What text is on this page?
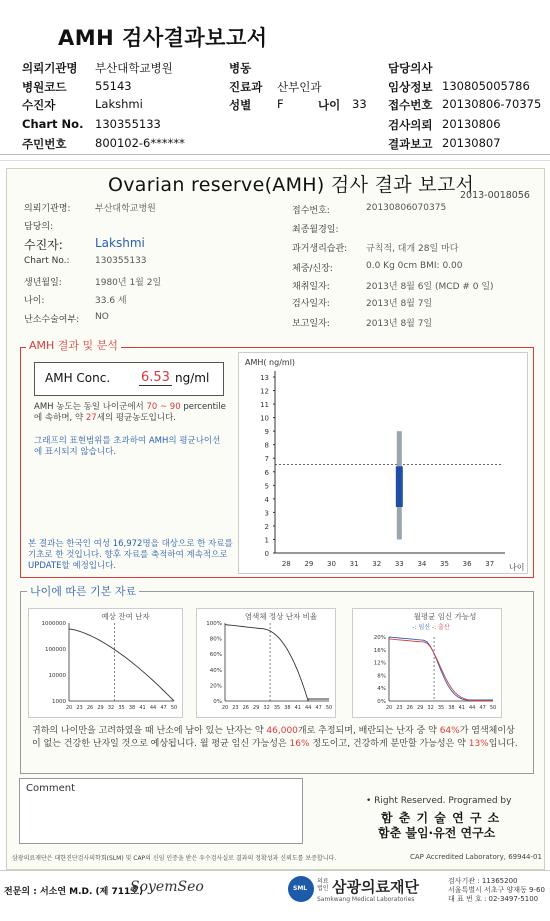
AMH 검사결과보고서
의뢰기관명 부산대학교병원	병동	담당의사
병원코드 55143	진료과 산부인과	임상정보 130805005786
수진자	Lakshmi	성별 F	나이 33 접수번호 20130806-70375
Chart No. 130355133	검사의뢰 20130806
주민번호 800102-6******	결과보고 20130807
Ovarian reserve(AMH) 검사 결과 보고서
2013-0018056
의뢰기관명:	부산대학교병원
담당의:
수진자:	Lakshmi
Chart No.:	130355133
생년월일:	1980년 1월 2일
나이:	33.6 세
난소수술여부: NO
접수번호:	20130806070375
최종월경일:
과거생리습관: 규칙적, 대개 28일 마다
체중/신장:	0.0 Kg 0cm BMI: 0.00
채취일자:	2013년 8월 6일 (MCD # 0 일)
검사일자:	2013년 8월 7일
보고일자:	2013년 8월 7일
AMH 결과 및 분석
AMH Conc. 6.53 ng/ml
AMH 농도는 동일 나이군에서 70 ~ 90 percentile에 속하며, 약 27세의 평균농도입니다.
그래프의 표현범위를 초과하여 AMH의 평균나이선에 표시되지 않습니다.
본 결과는 한국인 여성 16,972명을 대상으로 한 자료를 기초로 한 것입니다. 향후 자료를 축적하여 계속적으로 UPDATE할 예정입니다.
AMH( ng/ml)
0
1
2
3
4
5
6
7
8
9
10
11
12
13
28 29 30 31 32 33 34 35 36 37 나이
나이에 따른 기본 자료
예상 잔여 난자
1000000
100000
10000
1000
20 23 26 29 32 35 38 41 44 47 50
염색체 정상 난자 비율
100%
80%
60%
40%
20%
0%
20 23 26 29 32 35 38 41 44 47 50
월평균 임신 가능성
20%
16%
12%
8%
4%
0%
20 23 26 29 32 35 38 41 44 47 50
-: 임신 -: 출산
귀하의 나이만을 고려하였을 때 난소에 남아 있는 난자는 약 46,000개로 추정되며, 배란되는 난자 중 약 64%가 염색체이상이 없는 건강한 난자일 것으로 예상됩니다. 월 평균 임신 가능성은 16% 정도이고, 건강하게 분만할 가능성은 약 13%입니다.
Comment
• Right Reserved. Programed by
함 춘 기 술 연 구 소
함춘 불임·유전 연구소
삼광의료재단은 대한진단검사의학회(SLM) 및 CAP의 신임 인증을 받은 우수검사실로 결과의 정확성과 신뢰도를 보증합니다.	CAP Accredited Laboratory, 69944-01
전문의 : 서소연 M.D. (제 711호)
SoyemSeo	SML
의료 법인 삼광의료재단
Samkwang Medical Laboratories
검사기관 : 11365200
서울특별시 서초구 양재동 9-60
대 표 번 호 : 02-3497-5100
